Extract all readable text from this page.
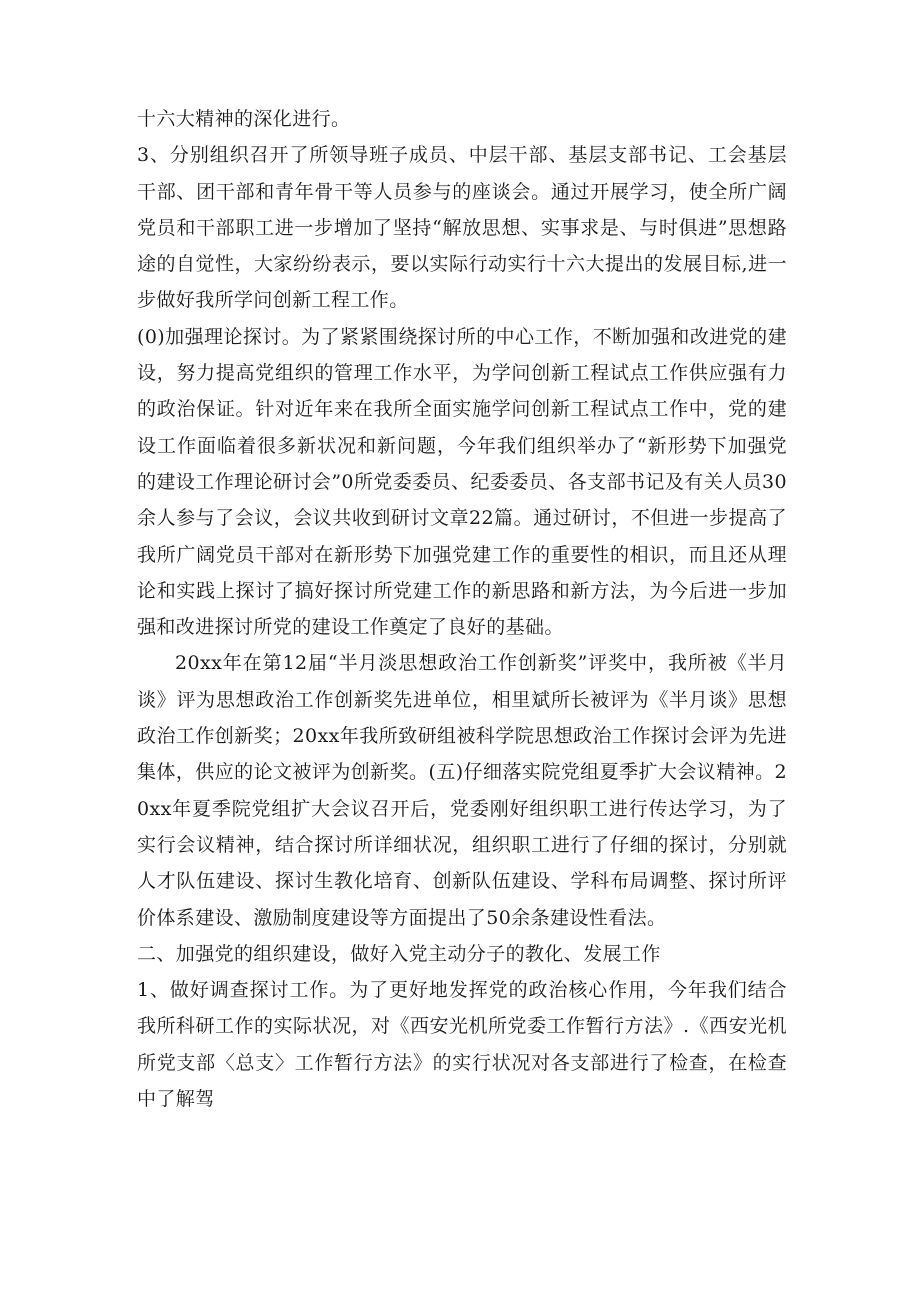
十六大精神的深化进行。

3、分别组织召开了所领导班子成员、中层干部、基层支部书记、工会基层干部、团干部和青年骨干等人员参与的座谈会。通过开展学习，使全所广阔党员和干部职工进一步增加了坚持“解放思想、实事求是、与时俱进”思想路途的自觉性，大家纷纷表示，要以实际行动实行十六大提出的发展目标,进一步做好我所学问创新工程工作。

(0)加强理论探讨。为了紧紧围绕探讨所的中心工作，不断加强和改进党的建设，努力提高党组织的管理工作水平，为学问创新工程试点工作供应强有力的政治保证。针对近年来在我所全面实施学问创新工程试点工作中，党的建设工作面临着很多新状况和新问题，今年我们组织举办了“新形势下加强党的建设工作理论研讨会”0所党委委员、纪委委员、各支部书记及有关人员30余人参与了会议，会议共收到研讨文章22篇。通过研讨，不但进一步提高了我所广阔党员干部对在新形势下加强党建工作的重要性的相识，而且还从理论和实践上探讨了搞好探讨所党建工作的新思路和新方法，为今后进一步加强和改进探讨所党的建设工作奠定了良好的基础。

20xx年在第12届“半月淡思想政治工作创新奖”评奖中，我所被《半月谈》评为思想政治工作创新奖先进单位，相里斌所长被评为《半月谈》思想政治工作创新奖；20xx年我所致研组被科学院思想政治工作探讨会评为先进集体，供应的论文被评为创新奖。(五)仔细落实院党组夏季扩大会议精神。20xx年夏季院党组扩大会议召开后，党委刚好组织职工进行传达学习，为了实行会议精神，结合探讨所详细状况，组织职工进行了仔细的探讨，分别就人才队伍建设、探讨生教化培育、创新队伍建设、学科布局调整、探讨所评价体系建设、激励制度建设等方面提出了50余条建设性看法。

二、加强党的组织建设，做好入党主动分子的教化、发展工作

1、做好调查探讨工作。为了更好地发挥党的政治核心作用，今年我们结合我所科研工作的实际状况，对《西安光机所党委工作暂行方法》.《西安光机所党支部〈总支〉工作暂行方法》的实行状况对各支部进行了检查，在检查中了解驾
